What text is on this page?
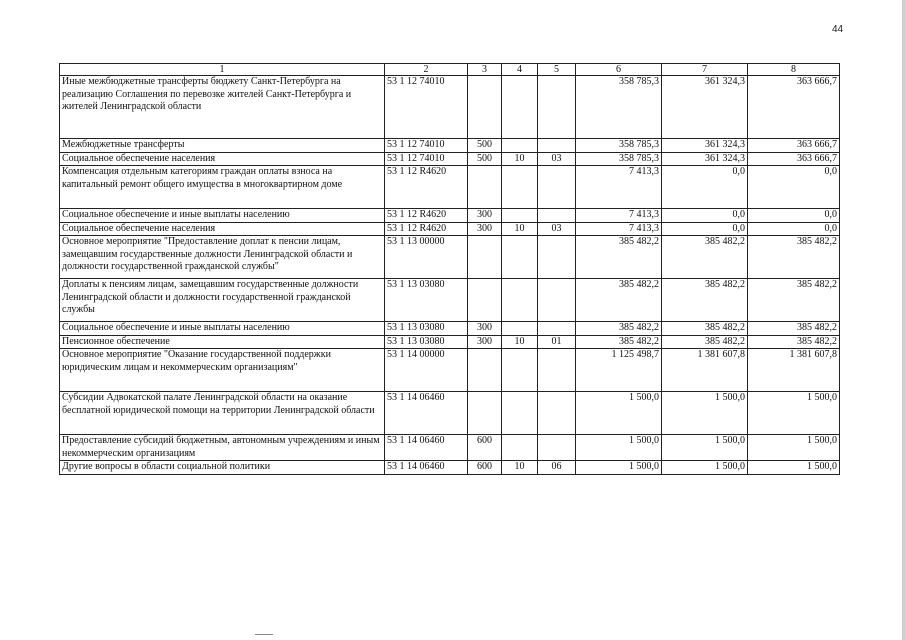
44
1	2	3	4	5	6	7	8
Иные межбюджетные трансферты бюджету Санкт-Петербурга на реализацию Соглашения по перевозке жителей Санкт-Петербурга и жителей Ленинградской области	53 1 12 74010				358 785,3	361 324,3	363 666,7
Межбюджетные трансферты	53 1 12 74010	500			358 785,3	361 324,3	363 666,7
Социальное обеспечение населения	53 1 12 74010	500	10	03	358 785,3	361 324,3	363 666,7
Компенсация отдельным категориям граждан оплаты взноса на капитальный ремонт общего имущества в многоквартирном доме	53 1 12 R4620				7 413,3	0,0	0,0
Социальное обеспечение и иные выплаты населению	53 1 12 R4620	300			7 413,3	0,0	0,0
Социальное обеспечение населения	53 1 12 R4620	300	10	03	7 413,3	0,0	0,0
Основное мероприятие "Предоставление доплат к пенсии лицам, замещавшим государственные должности Ленинградской области и должности государственной гражданской службы"	53 1 13 00000				385 482,2	385 482,2	385 482,2
Доплаты к пенсиям лицам, замещавшим государственные должности Ленинградской области и должности государственной гражданской службы	53 1 13 03080				385 482,2	385 482,2	385 482,2
Социальное обеспечение и иные выплаты населению	53 1 13 03080	300			385 482,2	385 482,2	385 482,2
Пенсионное обеспечение	53 1 13 03080	300	10	01	385 482,2	385 482,2	385 482,2
Основное мероприятие "Оказание государственной поддержки юридическим лицам и некоммерческим организациям"	53 1 14 00000				1 125 498,7	1 381 607,8	1 381 607,8
Субсидии Адвокатской палате Ленинградской области на оказание бесплатной юридической помощи на территории Ленинградской области	53 1 14 06460				1 500,0	1 500,0	1 500,0
Предоставление субсидий бюджетным, автономным учреждениям и иным некоммерческим организациям	53 1 14 06460	600			1 500,0	1 500,0	1 500,0
Другие вопросы в области социальной политики	53 1 14 06460	600	10	06	1 500,0	1 500,0	1 500,0
